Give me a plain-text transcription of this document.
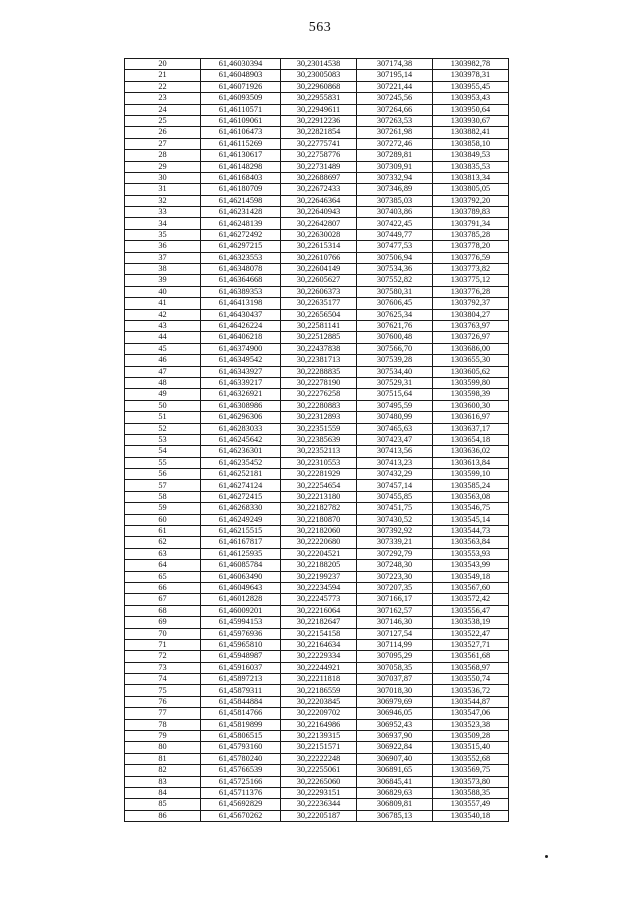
563
20	61,46030394	30,23014538	307174,38	1303982,78
21	61,46048903	30,23005083	307195,14	1303978,31
22	61,46071926	30,22960868	307221,44	1303955,45
23	61,46093509	30,22955831	307245,56	1303953,43
24	61,46110571	30,22949611	307264,66	1303950,64
25	61,46109061	30,22912236	307263,53	1303930,67
26	61,46106473	30,22821854	307261,98	1303882,41
27	61,46115269	30,22775741	307272,46	1303858,10
28	61,46130617	30,22758776	307289,81	1303849,53
29	61,46148298	30,22731489	307309,91	1303835,53
30	61,46168403	30,22688697	307332,94	1303813,34
31	61,46180709	30,22672433	307346,89	1303805,05
32	61,46214598	30,22646364	307385,03	1303792,20
33	61,46231428	30,22640943	307403,86	1303789,83
34	61,46248139	30,22642807	307422,45	1303791,34
35	61,46272492	30,22630028	307449,77	1303785,28
36	61,46297215	30,22615314	307477,53	1303778,20
37	61,46323553	30,22610766	307506,94	1303776,59
38	61,46348078	30,22604149	307534,36	1303773,82
39	61,46364668	30,22605627	307552,82	1303775,12
40	61,46389353	30,22606373	307580,31	1303776,28
41	61,46413198	30,22635177	307606,45	1303792,37
42	61,46430437	30,22656504	307625,34	1303804,27
43	61,46426224	30,22581141	307621,76	1303763,97
44	61,46406218	30,22512885	307600,48	1303726,97
45	61,46374900	30,22437838	307566,70	1303686,00
46	61,46349542	30,22381713	307539,28	1303655,30
47	61,46343927	30,22288835	307534,40	1303605,62
48	61,46339217	30,22278190	307529,31	1303599,80
49	61,46326921	30,22276258	307515,64	1303598,39
50	61,46308986	30,22280883	307495,59	1303600,30
51	61,46296306	30,22312893	307480,99	1303616,97
52	61,46283033	30,22351559	307465,63	1303637,17
53	61,46245642	30,22385639	307423,47	1303654,18
54	61,46236301	30,22352113	307413,56	1303636,02
55	61,46235452	30,22310553	307413,23	1303613,84
56	61,46252181	30,22281929	307432,29	1303599,10
57	61,46274124	30,22254654	307457,14	1303585,24
58	61,46272415	30,22213180	307455,85	1303563,08
59	61,46268330	30,22182782	307451,75	1303546,75
60	61,46249249	30,22180870	307430,52	1303545,14
61	61,46215515	30,22182060	307392,92	1303544,73
62	61,46167817	30,22220680	307339,21	1303563,84
63	61,46125935	30,22204521	307292,79	1303553,93
64	61,46085784	30,22188205	307248,30	1303543,99
65	61,46063490	30,22199237	307223,30	1303549,18
66	61,46049643	30,22234594	307207,35	1303567,60
67	61,46012828	30,22245773	307166,17	1303572,42
68	61,46009201	30,22216064	307162,57	1303556,47
69	61,45994153	30,22182647	307146,30	1303538,19
70	61,45976936	30,22154158	307127,54	1303522,47
71	61,45965810	30,22164634	307114,99	1303527,71
72	61,45948987	30,22229334	307095,29	1303561,68
73	61,45916037	30,22244921	307058,35	1303568,97
74	61,45897213	30,22211818	307037,87	1303550,74
75	61,45879311	30,22186559	307018,30	1303536,72
76	61,45844884	30,22203845	306979,69	1303544,87
77	61,45814766	30,22209702	306946,05	1303547,06
78	61,45819899	30,22164986	306952,43	1303523,38
79	61,45806515	30,22139315	306937,90	1303509,28
80	61,45793160	30,22151571	306922,84	1303515,40
81	61,45780240	30,22222248	306907,40	1303552,68
82	61,45766539	30,22255061	306891,65	1303569,75
83	61,45725166	30,22265060	306845,41	1303573,80
84	61,45711376	30,22293151	306829,63	1303588,35
85	61,45692829	30,22236344	306809,81	1303557,49
86	61,45670262	30,22205187	306785,13	1303540,18
